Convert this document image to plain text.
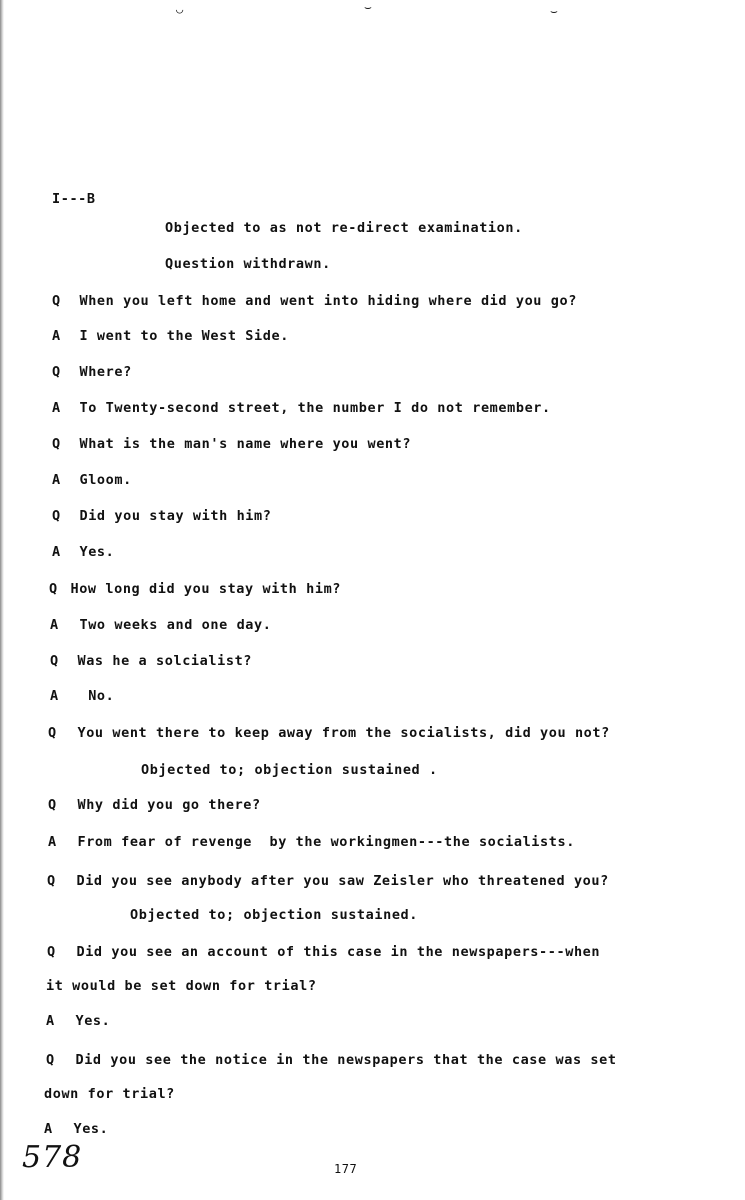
◡	⌣	⌣
I---B
Objected to as not re-direct examination.
Question withdrawn.
Q When you left home and went into hiding where did you go?
A I went to the West Side.
Q Where?
A To Twenty-second street, the number I do not remember.
Q What is the man's name where you went?
A Gloom.
Q Did you stay with him?
A Yes.
Q How long did you stay with him?
A Two weeks and one day.
Q Was he a solcialist?
A  No.
Q You went there to keep away from the socialists, did you not?
Objected to; objection sustained .
Q Why did you go there?
A From fear of revenge  by the workingmen---the socialists.
Q Did you see anybody after you saw Zeisler who threatened you?
Objected to; objection sustained.
Q Did you see an account of this case in the newspapers---when
it would be set down for trial?
A Yes.
Q Did you see the notice in the newspapers that the case was set
down for trial?
A Yes.
578	177
